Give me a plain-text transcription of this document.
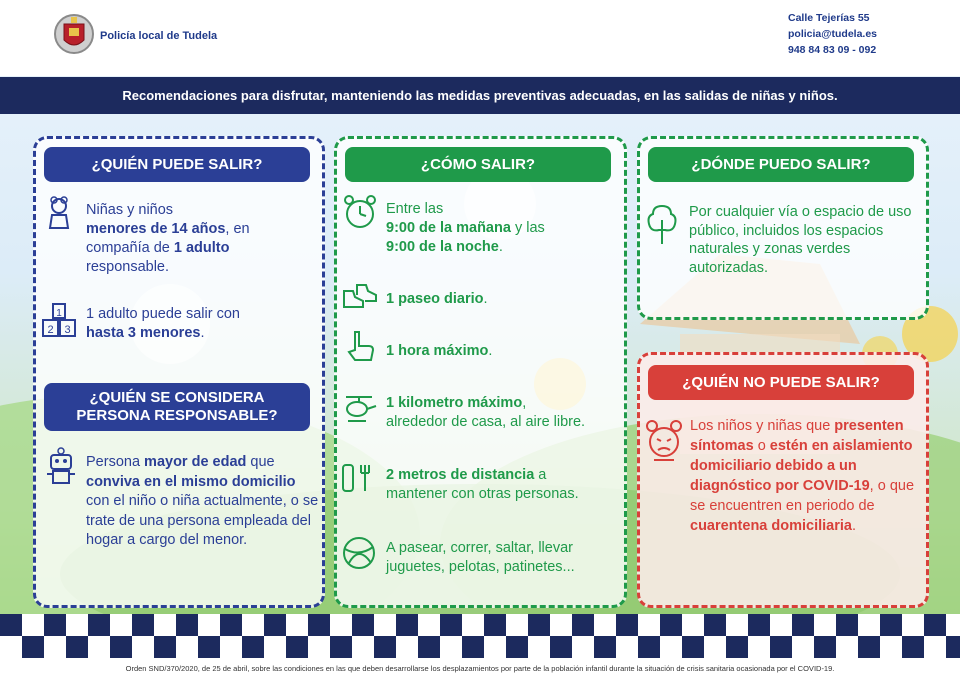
Policía local de Tudela
Calle Tejerías 55
policia@tudela.es
948 84 83 09 - 092
Recomendaciones para disfrutar, manteniendo las medidas preventivas adecuadas, en las salidas de niñas y niños.
¿QUIÉN PUEDE SALIR?
Niñas y niños
menores de 14 años, en compañía de 1 adulto responsable.
1
2 3
1 adulto puede salir con
hasta 3 menores.
¿QUIÉN SE CONSIDERA
PERSONA RESPONSABLE?
Persona mayor de edad que conviva en el mismo domicilio con el niño o niña actualmente, o se trate de una persona empleada del hogar a cargo del menor.
¿CÓMO SALIR?
Entre las
9:00 de la mañana y las
9:00 de la noche.
1 paseo diario.
1 hora máximo.
1 kilometro máximo,
alrededor de casa, al aire libre.
2 metros de distancia a
mantener con otras personas.
A pasear, correr, saltar, llevar juguetes, pelotas, patinetes...
¿DÓNDE PUEDO SALIR?
Por cualquier vía o espacio de uso público, incluidos los espacios naturales y zonas verdes autorizadas.
¿QUIÉN NO PUEDE SALIR?
Los niños y niñas que presenten síntomas o estén en aislamiento domiciliario debido a un diagnóstico por COVID-19, o que se encuentren en periodo de cuarentena domiciliaria.
Orden SND/370/2020, de 25 de abril, sobre las condiciones en las que deben desarrollarse los desplazamientos por parte de la población infantil durante la situación de crisis sanitaria ocasionada por el COVID-19.
